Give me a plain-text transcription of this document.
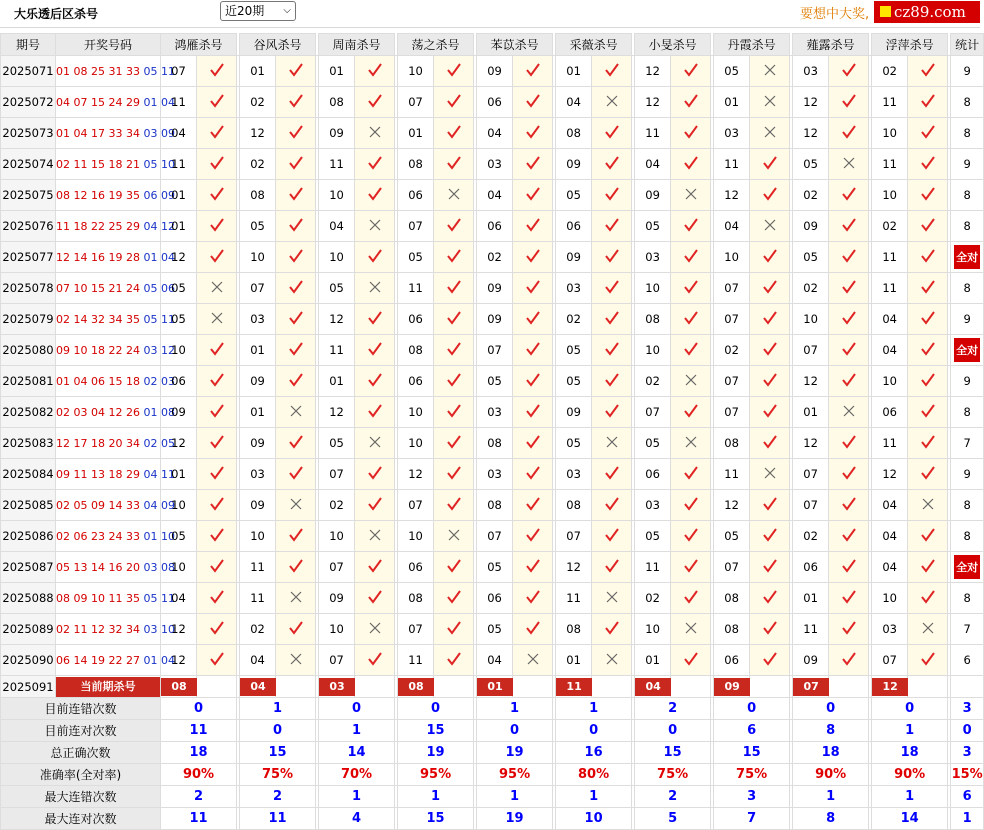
大乐透后区杀号	近20期 ⌵	要想中大奖,	cz89.com
期号	开奖号码	鸿雁杀号			谷风杀号			周南杀号			荡之杀号			苯苡杀号			采薇杀号			小旻杀号			丹霞杀号			薤露杀号			浮萍杀号			统计
2025071	01 08 25 31 33 05 11	07			01			01			10			09			01			12			05			03			02			9
2025072	04 07 15 24 29 01 04	11			02			08			07			06			04			12			01			12			11			8
2025073	01 04 17 33 34 03 09	04			12			09			01			04			08			11			03			12			10			8
2025074	02 11 15 18 21 05 10	11			02			11			08			03			09			04			11			05			11			9
2025075	08 12 16 19 35 06 09	01			08			10			06			04			05			09			12			02			10			8
2025076	11 18 22 25 29 04 12	01			05			04			07			06			06			05			04			09			02			8
2025077	12 14 16 19 28 01 04	12			10			10			05			02			09			03			10			05			11			全对
2025078	07 10 15 21 24 05 06	05			07			05			11			09			03			10			07			02			11			8
2025079	02 14 32 34 35 05 11	05			03			12			06			09			02			08			07			10			04			9
2025080	09 10 18 22 24 03 12	10			01			11			08			07			05			10			02			07			04			全对
2025081	01 04 06 15 18 02 03	06			09			01			06			05			05			02			07			12			10			9
2025082	02 03 04 12 26 01 08	09			01			12			10			03			09			07			07			01			06			8
2025083	12 17 18 20 34 02 05	12			09			05			10			08			05			05			08			12			11			7
2025084	09 11 13 18 29 04 11	01			03			07			12			03			03			06			11			07			12			9
2025085	02 05 09 14 33 04 09	10			09			02			07			08			08			03			12			07			04			8
2025086	02 06 23 24 33 01 10	05			10			10			10			07			07			05			05			02			04			8
2025087	05 13 14 16 20 03 08	10			11			07			06			05			12			11			07			06			04			全对
2025088	08 09 10 11 35 05 11	04			11			09			08			06			11			02			08			01			10			8
2025089	02 11 12 32 34 03 10	12			02			10			07			05			08			10			08			11			03			7
2025090	06 14 19 22 27 01 04	12			04			07			11			04			01			01			06			09			07			6
2025091	当前期杀号	08			04			03			08			01			11			04			09			07			12			
目前连错次数		0			1			0			0			1			1			2			0			0			0			3
目前连对次数		11			0			1			15			0			0			0			6			8			1			0
总正确次数		18			15			14			19			19			16			15			15			18			18			3
准确率(全对率)		90%			75%			70%			95%			95%			80%			75%			75%			90%			90%			15%
最大连错次数		2			2			1			1			1			1			2			3			1			1			6
最大连对次数		11			11			4			15			19			10			5			7			8			14			1
